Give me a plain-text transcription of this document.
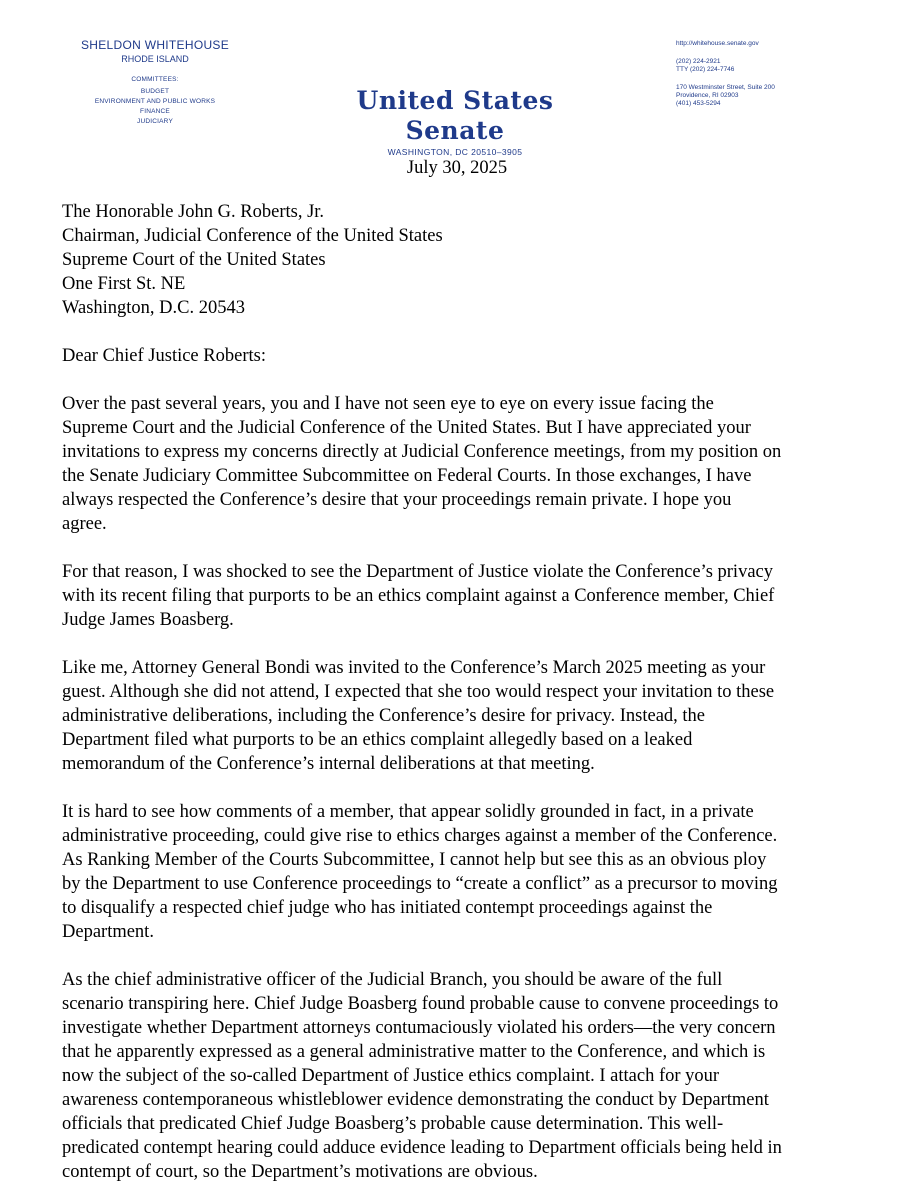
SHELDON WHITEHOUSE
RHODE ISLAND
COMMITTEES:
BUDGET
ENVIRONMENT AND PUBLIC WORKS
FINANCE
JUDICIARY
United States Senate
WASHINGTON, DC 20510–3905
http://whitehouse.senate.gov
(202) 224-2921
TTY (202) 224-7746
170 Westminster Street, Suite 200
Providence, RI 02903
(401) 453-5294
July 30, 2025
The Honorable John G. Roberts, Jr.
Chairman, Judicial Conference of the United States
Supreme Court of the United States
One First St. NE
Washington, D.C. 20543
Dear Chief Justice Roberts:
Over the past several years, you and I have not seen eye to eye on every issue facing the
Supreme Court and the Judicial Conference of the United States. But I have appreciated your
invitations to express my concerns directly at Judicial Conference meetings, from my position on
the Senate Judiciary Committee Subcommittee on Federal Courts. In those exchanges, I have
always respected the Conference’s desire that your proceedings remain private. I hope you
agree.
For that reason, I was shocked to see the Department of Justice violate the Conference’s privacy
with its recent filing that purports to be an ethics complaint against a Conference member, Chief
Judge James Boasberg.
Like me, Attorney General Bondi was invited to the Conference’s March 2025 meeting as your
guest. Although she did not attend, I expected that she too would respect your invitation to these
administrative deliberations, including the Conference’s desire for privacy. Instead, the
Department filed what purports to be an ethics complaint allegedly based on a leaked
memorandum of the Conference’s internal deliberations at that meeting.
It is hard to see how comments of a member, that appear solidly grounded in fact, in a private
administrative proceeding, could give rise to ethics charges against a member of the Conference.
As Ranking Member of the Courts Subcommittee, I cannot help but see this as an obvious ploy
by the Department to use Conference proceedings to “create a conflict” as a precursor to moving
to disqualify a respected chief judge who has initiated contempt proceedings against the
Department.
As the chief administrative officer of the Judicial Branch, you should be aware of the full
scenario transpiring here. Chief Judge Boasberg found probable cause to convene proceedings to
investigate whether Department attorneys contumaciously violated his orders—the very concern
that he apparently expressed as a general administrative matter to the Conference, and which is
now the subject of the so-called Department of Justice ethics complaint. I attach for your
awareness contemporaneous whistleblower evidence demonstrating the conduct by Department
officials that predicated Chief Judge Boasberg’s probable cause determination. This well-
predicated contempt hearing could adduce evidence leading to Department officials being held in
contempt of court, so the Department’s motivations are obvious.
